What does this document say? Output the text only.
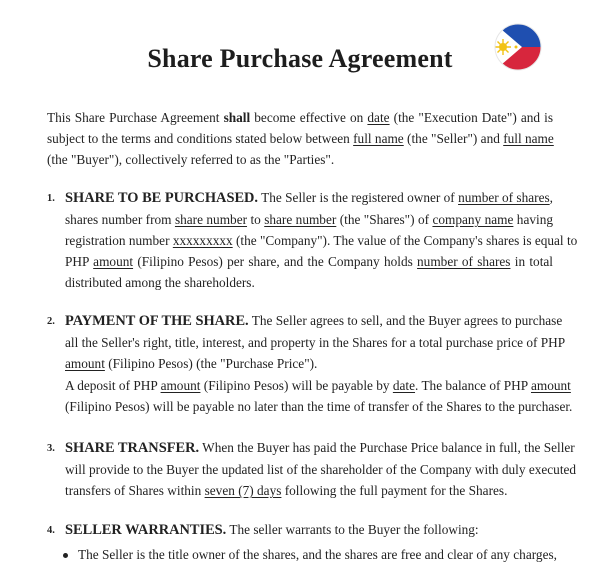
Share Purchase Agreement
This Share Purchase Agreement shall become effective on date (the "Execution Date") and is
subject to the terms and conditions stated below between full name (the "Seller") and full name
(the "Buyer"), collectively referred to as the "Parties".
1. SHARE TO BE PURCHASED. The Seller is the registered owner of number of shares,
shares number from share number to share number (the "Shares") of company name having
registration number xxxxxxxxx (the "Company"). The value of the Company's shares is equal to
PHP amount (Filipino Pesos) per share, and the Company holds number of shares in total
distributed among the shareholders.
2. PAYMENT OF THE SHARE. The Seller agrees to sell, and the Buyer agrees to purchase
all the Seller's right, title, interest, and property in the Shares for a total purchase price of PHP
amount (Filipino Pesos) (the "Purchase Price").
A deposit of PHP amount (Filipino Pesos) will be payable by date. The balance of PHP amount
(Filipino Pesos) will be payable no later than the time of transfer of the Shares to the purchaser.
3. SHARE TRANSFER. When the Buyer has paid the Purchase Price balance in full, the Seller
will provide to the Buyer the updated list of the shareholder of the Company with duly executed
transfers of Shares within seven (7) days following the full payment for the Shares.
4. SELLER WARRANTIES. The seller warrants to the Buyer the following:
The Seller is the title owner of the shares, and the shares are free and clear of any charges,
